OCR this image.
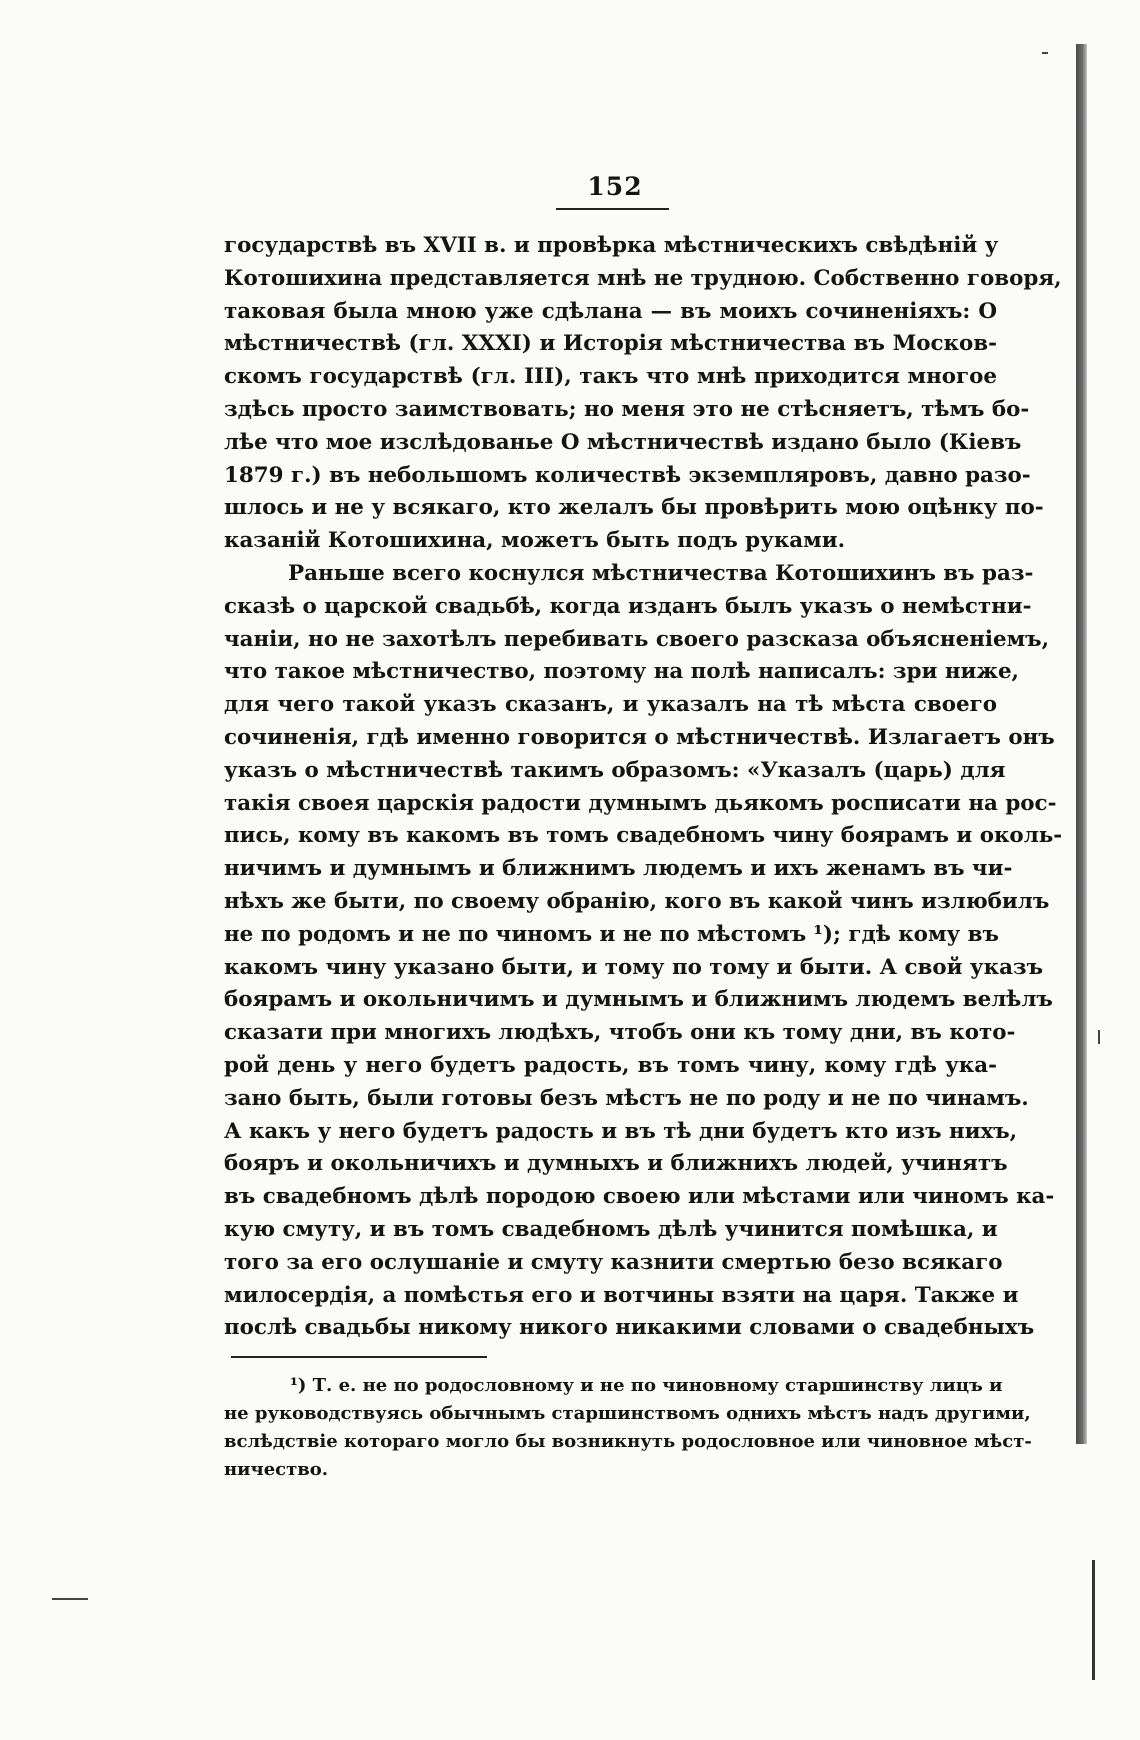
152
государствѣ въ XVII в. и провѣрка мѣстническихъ свѣдѣній у
Котошихина представляется мнѣ не трудною. Собственно говоря,
таковая была мною уже сдѣлана — въ моихъ сочиненіяхъ: О
мѣстничествѣ (гл. XXXI) и Исторія мѣстничества въ Москов-
скомъ государствѣ (гл. III), такъ что мнѣ приходится многое
здѣсь просто заимствовать; но меня это не стѣсняетъ, тѣмъ бо-
лѣе что мое изслѣдованье О мѣстничествѣ издано было (Кіевъ
1879 г.) въ небольшомъ количествѣ экземпляровъ, давно разо-
шлось и не у всякаго, кто желалъ бы провѣрить мою оцѣнку по-
казаній Котошихина, можетъ быть подъ руками.
Раньше всего коснулся мѣстничества Котошихинъ въ раз-
сказѣ о царской свадьбѣ, когда изданъ былъ указъ о немѣстни-
чаніи, но не захотѣлъ перебивать своего разсказа объясненіемъ,
что такое мѣстничество, поэтому на полѣ написалъ: зри ниже,
для чего такой указъ сказанъ, и указалъ на тѣ мѣста своего
сочиненія, гдѣ именно говорится о мѣстничествѣ. Излагаетъ онъ
указъ о мѣстничествѣ такимъ образомъ: «Указалъ (царь) для
такія своея царскія радости думнымъ дьякомъ росписати на рос-
пись, кому въ какомъ въ томъ свадебномъ чину боярамъ и околь-
ничимъ и думнымъ и ближнимъ людемъ и ихъ женамъ въ чи-
нѣхъ же быти, по своему обранію, кого въ какой чинъ излюбилъ
не по родомъ и не по чиномъ и не по мѣстомъ ¹); гдѣ кому въ
какомъ чину указано быти, и тому по тому и быти. А свой указъ
боярамъ и окольничимъ и думнымъ и ближнимъ людемъ велѣлъ
сказати при многихъ людѣхъ, чтобъ они къ тому дни, въ кото-
рой день у него будетъ радость, въ томъ чину, кому гдѣ ука-
зано быть, были готовы безъ мѣстъ не по роду и не по чинамъ.
А какъ у него будетъ радость и въ тѣ дни будетъ кто изъ нихъ,
бояръ и окольничихъ и думныхъ и ближнихъ людей, учинятъ
въ свадебномъ дѣлѣ породою своею или мѣстами или чиномъ ка-
кую смуту, и въ томъ свадебномъ дѣлѣ учинится помѣшка, и
того за его ослушаніе и смуту казнити смертью безо всякаго
милосердія, а помѣстья его и вотчины взяти на царя. Также и
послѣ свадьбы никому никого никакими словами о свадебныхъ
¹) Т. е. не по родословному и не по чиновному старшинству лицъ и
не руководствуясь обычнымъ старшинствомъ однихъ мѣстъ надъ другими,
вслѣдствіе котораго могло бы возникнуть родословное или чиновное мѣст-
ничество.
